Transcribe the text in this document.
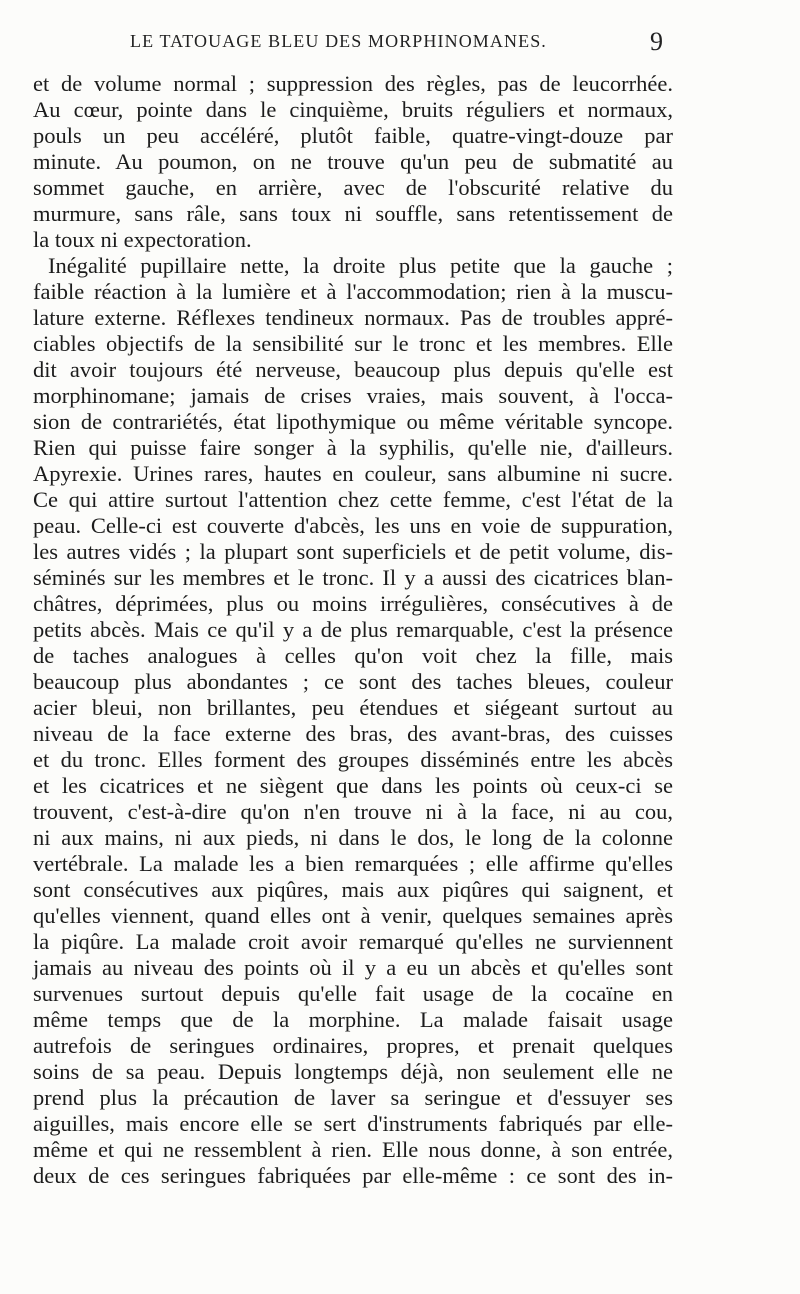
LE TATOUAGE BLEU DES MORPHINOMANES.	9
et de volume normal ; suppression des règles, pas de leucorrhée.
Au cœur, pointe dans le cinquième, bruits réguliers et normaux,
pouls un peu accéléré, plutôt faible, quatre-vingt-douze par
minute. Au poumon, on ne trouve qu'un peu de submatité au
sommet gauche, en arrière, avec de l'obscurité relative du
murmure, sans râle, sans toux ni souffle, sans retentissement de
la toux ni expectoration.
Inégalité pupillaire nette, la droite plus petite que la gauche ;
faible réaction à la lumière et à l'accommodation; rien à la muscu-
lature externe. Réflexes tendineux normaux. Pas de troubles appré-
ciables objectifs de la sensibilité sur le tronc et les membres. Elle
dit avoir toujours été nerveuse, beaucoup plus depuis qu'elle est
morphinomane; jamais de crises vraies, mais souvent, à l'occa-
sion de contrariétés, état lipothymique ou même véritable syncope.
Rien qui puisse faire songer à la syphilis, qu'elle nie, d'ailleurs.
Apyrexie. Urines rares, hautes en couleur, sans albumine ni sucre.
Ce qui attire surtout l'attention chez cette femme, c'est l'état de la
peau. Celle-ci est couverte d'abcès, les uns en voie de suppuration,
les autres vidés ; la plupart sont superficiels et de petit volume, dis-
séminés sur les membres et le tronc. Il y a aussi des cicatrices blan-
châtres, déprimées, plus ou moins irrégulières, consécutives à de
petits abcès. Mais ce qu'il y a de plus remarquable, c'est la présence
de taches analogues à celles qu'on voit chez la fille, mais
beaucoup plus abondantes ; ce sont des taches bleues, couleur
acier bleui, non brillantes, peu étendues et siégeant surtout au
niveau de la face externe des bras, des avant-bras, des cuisses
et du tronc. Elles forment des groupes disséminés entre les abcès
et les cicatrices et ne siègent que dans les points où ceux-ci se
trouvent, c'est-à-dire qu'on n'en trouve ni à la face, ni au cou,
ni aux mains, ni aux pieds, ni dans le dos, le long de la colonne
vertébrale. La malade les a bien remarquées ; elle affirme qu'elles
sont consécutives aux piqûres, mais aux piqûres qui saignent, et
qu'elles viennent, quand elles ont à venir, quelques semaines après
la piqûre. La malade croit avoir remarqué qu'elles ne surviennent
jamais au niveau des points où il y a eu un abcès et qu'elles sont
survenues surtout depuis qu'elle fait usage de la cocaïne en
même temps que de la morphine. La malade faisait usage
autrefois de seringues ordinaires, propres, et prenait quelques
soins de sa peau. Depuis longtemps déjà, non seulement elle ne
prend plus la précaution de laver sa seringue et d'essuyer ses
aiguilles, mais encore elle se sert d'instruments fabriqués par elle-
même et qui ne ressemblent à rien. Elle nous donne, à son entrée,
deux de ces seringues fabriquées par elle-même : ce sont des in-
